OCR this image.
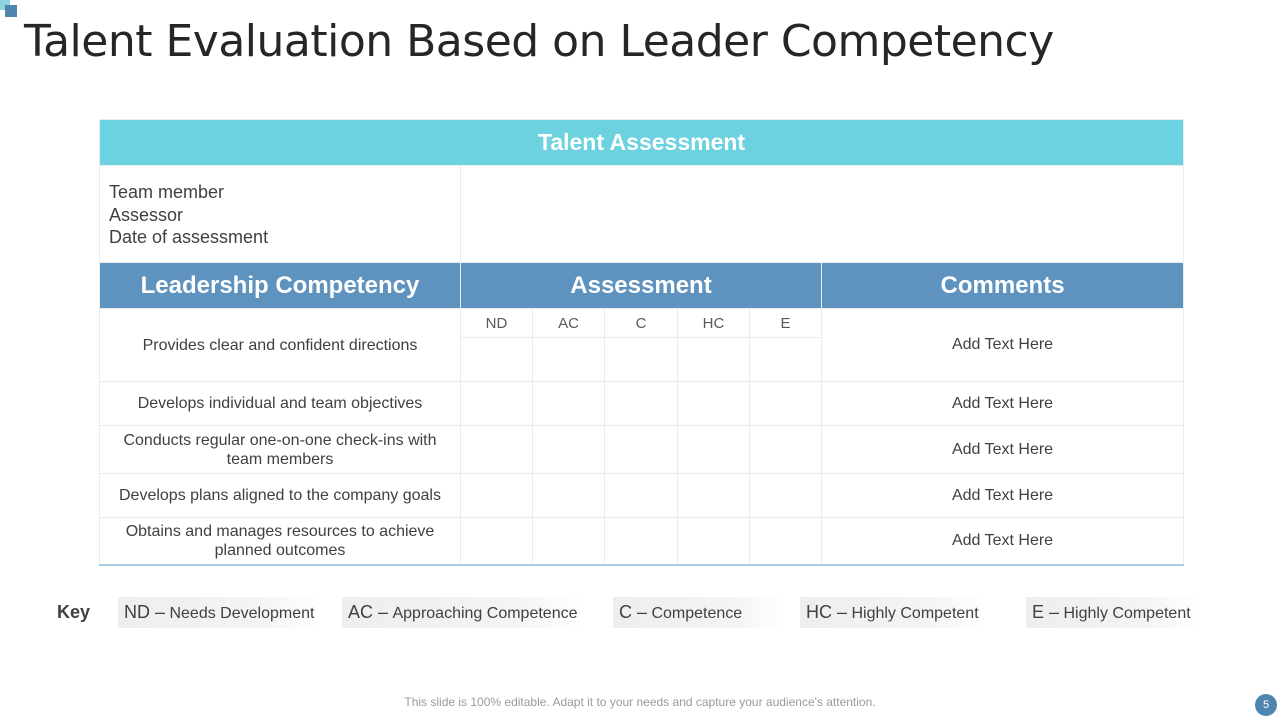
Talent Evaluation Based on Leader Competency
Talent Assessment						

Team member
Assessor
Date of assessment						

Leadership Competency	Assessment					Comments
Provides clear and confident directions	ND	AC	C	HC	E	Add Text Here

Develops individual and team objectives						Add Text Here
Conducts regular one-on-one check-ins with team members						Add Text Here
Develops plans aligned to the company goals						Add Text Here
Obtains and manages resources to achieve planned outcomes						Add Text Here
Key	ND – Needs Development	AC – Approaching Competence	C – Competence	HC – Highly Competent	E – Highly Competent
This slide is 100% editable. Adapt it to your needs and capture your audience's attention.	5
